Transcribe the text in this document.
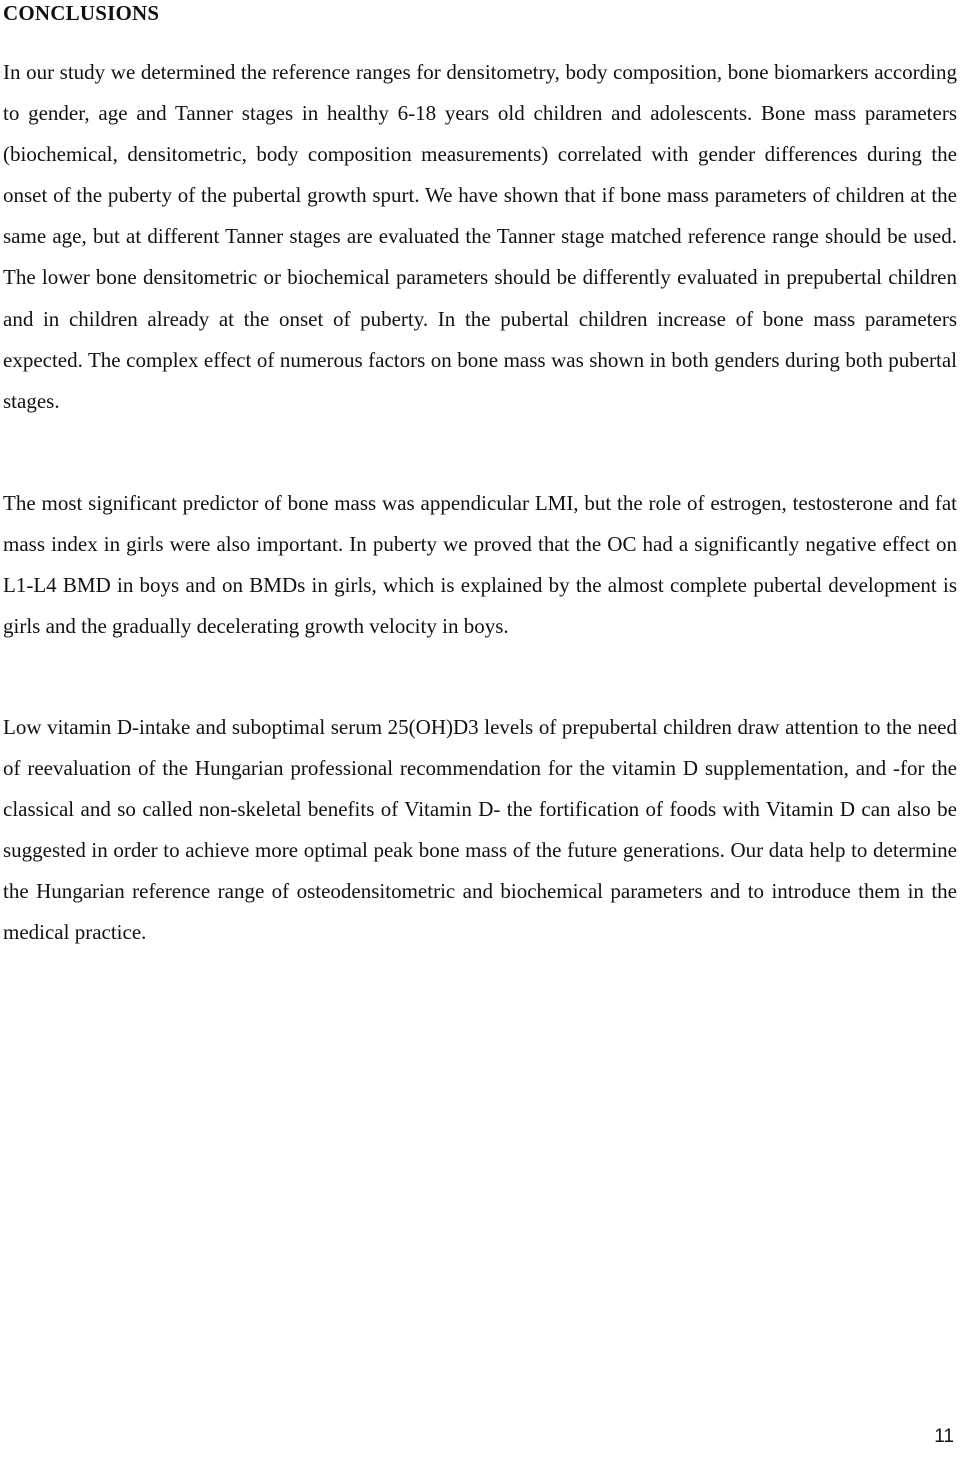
CONCLUSIONS

In our study we determined the reference ranges for densitometry, body composition, bone biomarkers according to gender, age and Tanner stages in healthy 6-18 years old children and adolescents. Bone mass parameters (biochemical, densitometric, body composition measurements) correlated with gender differences during the onset of the puberty of the pubertal growth spurt. We have shown that if bone mass parameters of children at the same age, but at different Tanner stages are evaluated the Tanner stage matched reference range should be used. The lower bone densitometric or biochemical parameters should be differently evaluated in prepubertal children and in children already at the onset of puberty. In the pubertal children increase of bone mass parameters expected. The complex effect of numerous factors on bone mass was shown in both genders during both pubertal stages.

The most significant predictor of bone mass was appendicular LMI, but the role of estrogen, testosterone and fat mass index in girls were also important. In puberty we proved that the OC had a significantly negative effect on L1-L4 BMD in boys and on BMDs in girls, which is explained by the almost complete pubertal development is girls and the gradually decelerating growth velocity in boys.

Low vitamin D-intake and suboptimal serum 25(OH)D3 levels of prepubertal children draw attention to the need of reevaluation of the Hungarian professional recommendation for the vitamin D supplementation, and -for the classical and so called non-skeletal benefits of Vitamin D- the fortification of foods with Vitamin D can also be suggested in order to achieve more optimal peak bone mass of the future generations. Our data help to determine the Hungarian reference range of osteodensitometric and biochemical parameters and to introduce them in the medical practice.

11
